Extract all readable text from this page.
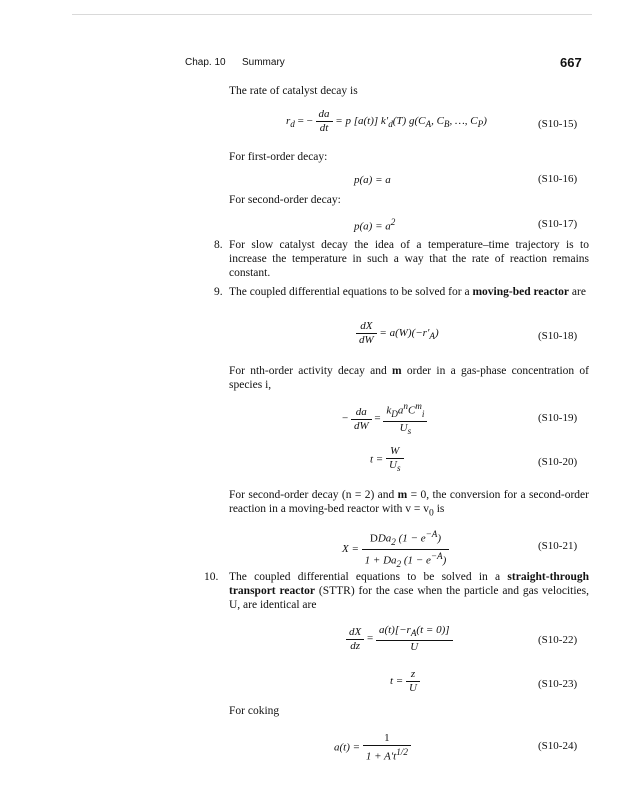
Chap. 10 Summary	667
The rate of catalyst decay is
$r_d$ = − $\frac{da}{dt} = p$ [a(t)] $k'_d(T)$ $g(C_A$, $C_B$, …, $C_P$)	(S10-15)
For first-order decay:
p(a) = a	(S10-16)
For second-order decay:
$p(a) = a^2$	(S10-17)
8. For slow catalyst decay the idea of a temperature–time trajectory is to increase the temperature in such a way that the rate of reaction remains constant.
9. The coupled differential equations to be solved for a moving-bed reactor are
$\frac{dX}{dW} = a(W)(-r'_A)$	(S10-18)
For nth-order activity decay and m order in a gas-phase concentration of species i,
− $\frac{da}{dW} = \frac{k_Da^nC^m_i}{U_s}$	(S10-19)
$t = \frac{W}{U_s}$	(S10-20)
For second-order decay (n = 2) and m = 0, the conversion for a second-order reaction in a moving-bed reactor with $v = v_0$ is
$X = \frac{DDa_2 (1 - e^{-A})}{1 + Da_2 (1 - e^{-A})}$	(S10-21)
10. The coupled differential equations to be solved in a straight-through transport reactor (STTR) for the case when the particle and gas velocities, U, are identical are
$\frac{dX}{dz} = \frac{a(t)[-r_A(t = 0)]}{U}$	(S10-22)
$t = \frac{z}{U}$	(S10-23)
For coking
$a(t) = \frac{1}{1 + A't^{1/2}}$	(S10-24)
